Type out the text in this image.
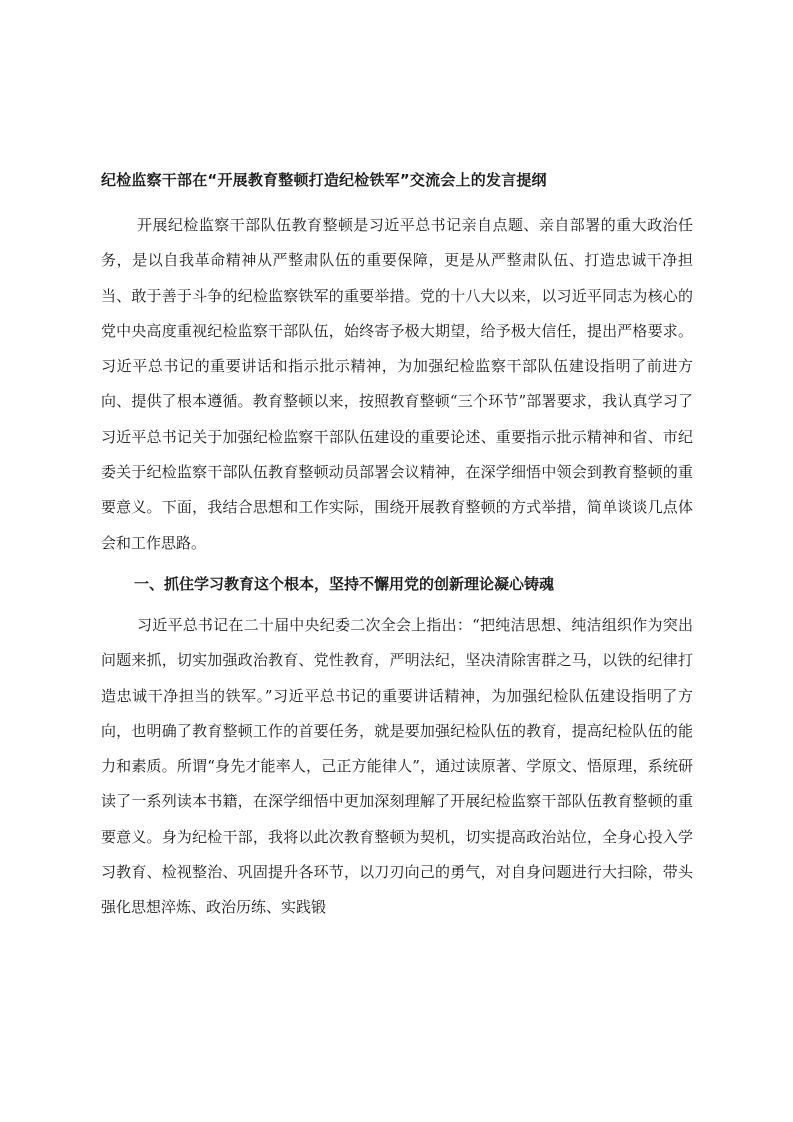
纪检监察干部在“开展教育整顿打造纪检铁军”交流会上的发言提纲

开展纪检监察干部队伍教育整顿是习近平总书记亲自点题、亲自部署的重大政治任务，是以自我革命精神从严整肃队伍的重要保障，更是从严整肃队伍、打造忠诚干净担当、敢于善于斗争的纪检监察铁军的重要举措。党的十八大以来，以习近平同志为核心的党中央高度重视纪检监察干部队伍，始终寄予极大期望，给予极大信任，提出严格要求。习近平总书记的重要讲话和指示批示精神，为加强纪检监察干部队伍建设指明了前进方向、提供了根本遵循。教育整顿以来，按照教育整顿“三个环节”部署要求，我认真学习了习近平总书记关于加强纪检监察干部队伍建设的重要论述、重要指示批示精神和省、市纪委关于纪检监察干部队伍教育整顿动员部署会议精神，在深学细悟中领会到教育整顿的重要意义。下面，我结合思想和工作实际，围绕开展教育整顿的方式举措，简单谈谈几点体会和工作思路。

一、抓住学习教育这个根本，坚持不懈用党的创新理论凝心铸魂

习近平总书记在二十届中央纪委二次全会上指出：“把纯洁思想、纯洁组织作为突出问题来抓，切实加强政治教育、党性教育，严明法纪，坚决清除害群之马，以铁的纪律打造忠诚干净担当的铁军。”习近平总书记的重要讲话精神，为加强纪检队伍建设指明了方向，也明确了教育整顿工作的首要任务，就是要加强纪检队伍的教育，提高纪检队伍的能力和素质。所谓“身先才能率人，己正方能律人”，通过读原著、学原文、悟原理，系统研读了一系列读本书籍，在深学细悟中更加深刻理解了开展纪检监察干部队伍教育整顿的重要意义。身为纪检干部，我将以此次教育整顿为契机，切实提高政治站位，全身心投入学习教育、检视整治、巩固提升各环节，以刀刃向己的勇气，对自身问题进行大扫除，带头强化思想淬炼、政治历练、实践锻
